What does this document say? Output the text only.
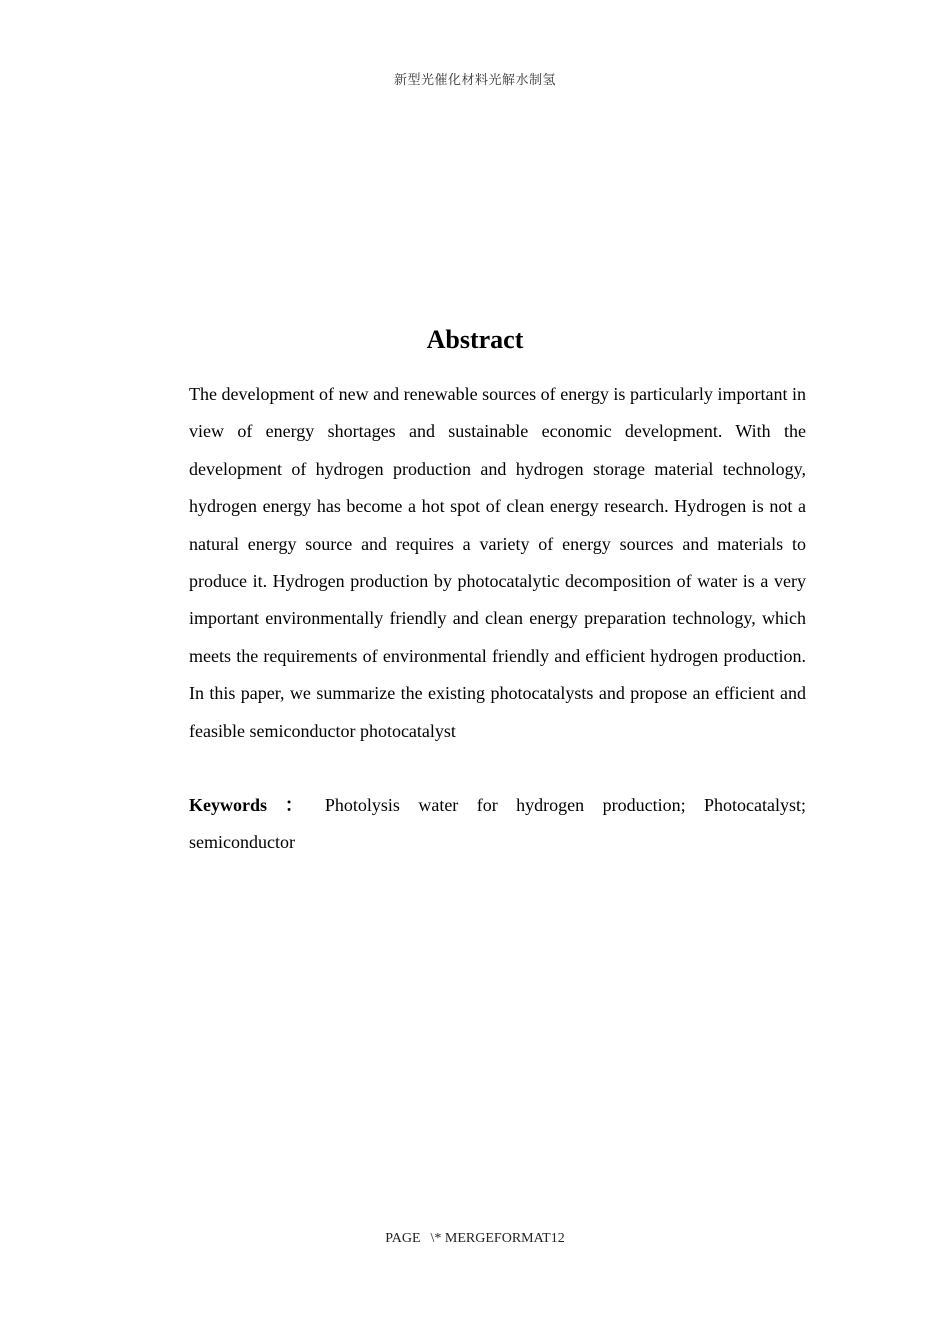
新型光催化材料光解水制氢
Abstract

The development of new and renewable sources of energy is particularly important in view of energy shortages and sustainable economic development. With the development of hydrogen production and hydrogen storage material technology, hydrogen energy has become a hot spot of clean energy research. Hydrogen is not a natural energy source and requires a variety of energy sources and materials to produce it. Hydrogen production by photocatalytic decomposition of water is a very important environmentally friendly and clean energy preparation technology, which meets the requirements of environmental friendly and efficient hydrogen production. In this paper, we summarize the existing photocatalysts and propose an efficient and feasible semiconductor photocatalyst

Keywords ： Photolysis water for hydrogen production; Photocatalyst; semiconductor

PAGE \* MERGEFORMAT12
